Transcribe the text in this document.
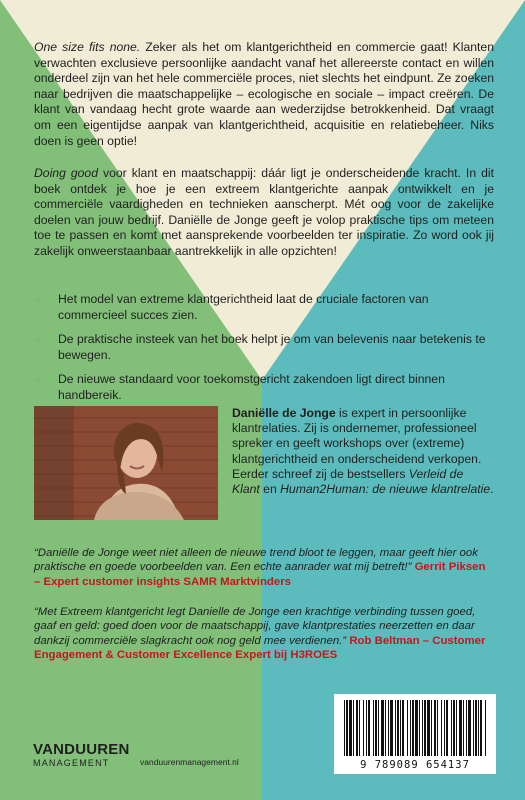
One size fits none. Zeker als het om klantgerichtheid en commercie gaat! Klanten verwachten exclusieve persoonlijke aandacht vanaf het allereerste contact en willen onderdeel zijn van het hele commerciële proces, niet slechts het eindpunt. Ze zoeken naar bedrijven die maatschappelijke – ecologische en sociale – impact creëren. De klant van vandaag hecht grote waarde aan wederzijdse betrokkenheid. Dat vraagt om een eigentijdse aanpak van klantgerichtheid, acquisitie en relatiebeheer. Niks doen is geen optie!

Doing good voor klant en maatschappij: dáár ligt je onderscheidende kracht. In dit boek ontdek je hoe je een extreem klantgerichte aanpak ontwikkelt en je commerciële vaardigheden en technieken aanscherpt. Mét oog voor de zakelijke doelen van jouw bedrijf. Daniëlle de Jonge geeft je volop praktische tips om meteen toe te passen en komt met aansprekende voorbeelden ter inspiratie. Zo word ook jij zakelijk onweerstaanbaar aantrekkelijk in alle opzichten!

+	Het model van extreme klantgerichtheid laat de cruciale factoren van commercieel succes zien.
+	De praktische insteek van het boek helpt je om van belevenis naar betekenis te bewegen.
+	De nieuwe standaard voor toekomstgericht zakendoen ligt direct binnen handbereik.

Daniëlle de Jonge is expert in persoonlijke klantrelaties. Zij is ondernemer, professioneel spreker en geeft workshops over (extreme) klantgerichtheid en onderscheidend verkopen. Eerder schreef zij de bestsellers Verleid de Klant en Human2Human: de nieuwe klantrelatie.

“Daniëlle de Jonge weet niet alleen de nieuwe trend bloot te leggen, maar geeft hier ook praktische en goede voorbeelden van. Een echte aanrader wat mij betreft!” Gerrit Piksen – Expert customer insights SAMR Marktvinders

“Met Extreem klantgericht legt Danielle de Jonge een krachtige verbinding tussen goed, gaaf en geld: goed doen voor de maatschappij, gave klantprestaties neerzetten en daar dankzij commerciële slagkracht ook nog geld mee verdienen.” Rob Beltman – Customer Engagement & Customer Excellence Expert bij H3ROES

VANDUUREN
MANAGEMENT	vanduurenmanagement.nl	9 789089 654137
